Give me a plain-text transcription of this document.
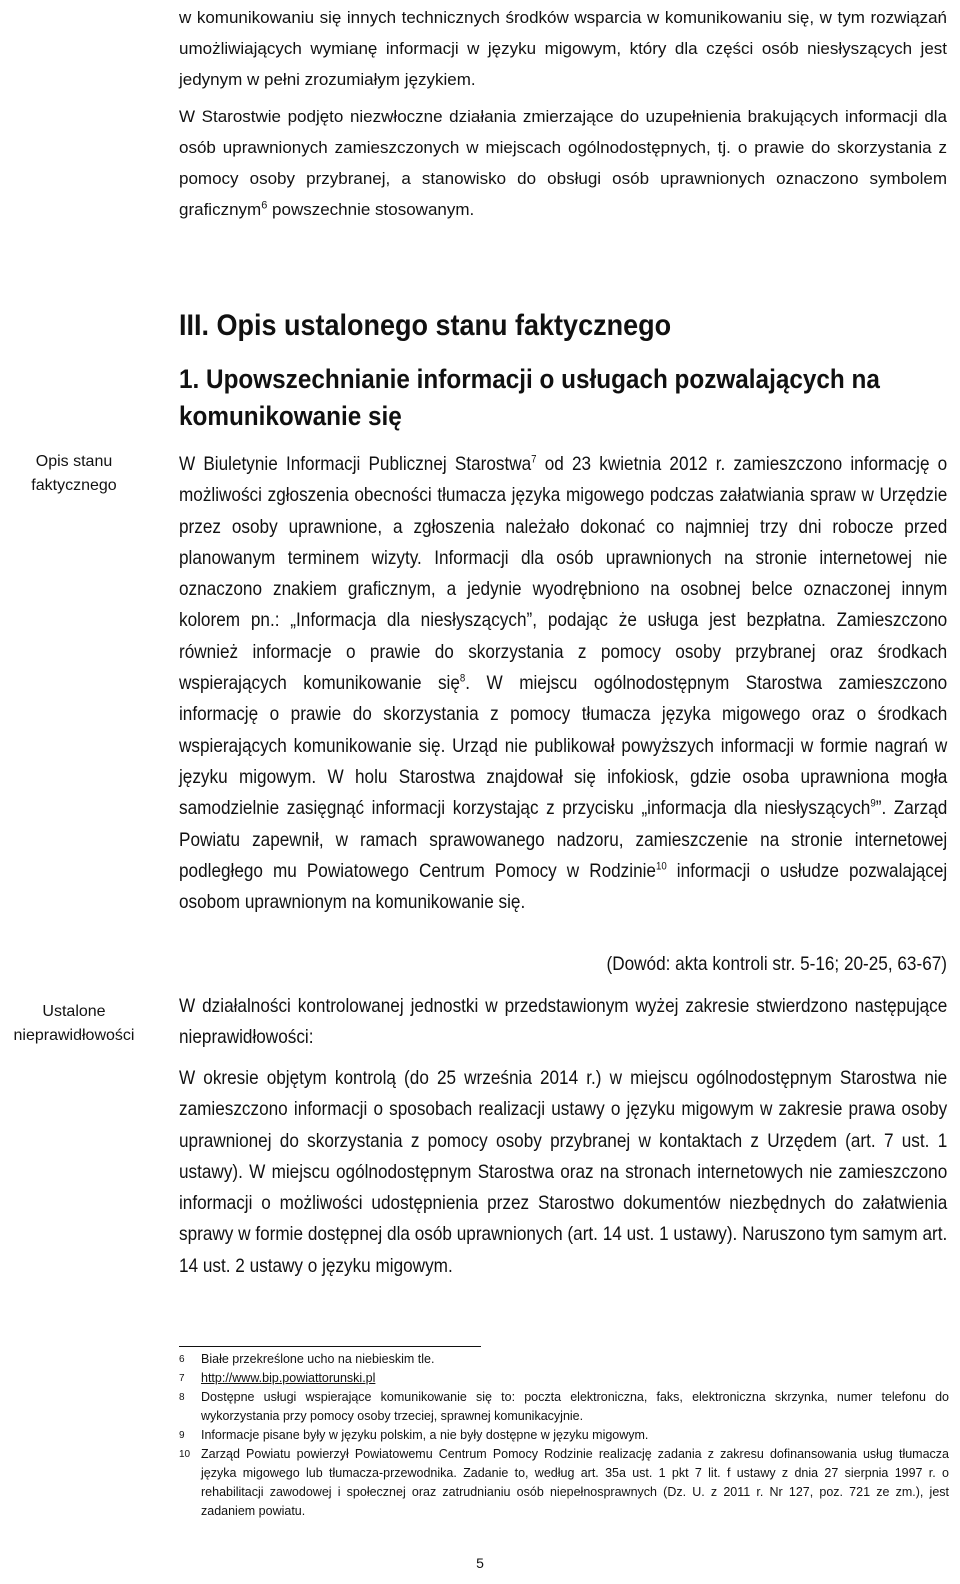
w komunikowaniu się innych technicznych środków wsparcia w komunikowaniu się, w tym rozwiązań umożliwiających wymianę informacji w języku migowym, który dla części osób niesłyszących jest jedynym w pełni zrozumiałym językiem.

W Starostwie podjęto niezwłoczne działania zmierzające do uzupełnienia brakujących informacji dla osób uprawnionych zamieszczonych w miejscach ogólnodostępnych, tj. o prawie do skorzystania z pomocy osoby przybranej, a stanowisko do obsługi osób uprawnionych oznaczono symbolem graficznym$^6$ powszechnie stosowanym.

III. Opis ustalonego stanu faktycznego
1. Upowszechnianie informacji o usługach pozwalających na komunikowanie się
Opis stanu faktycznego
Ustalone nieprawidłowości

W Biuletynie Informacji Publicznej Starostwa$^7$ od 23 kwietnia 2012 r. zamieszczono informację o możliwości zgłoszenia obecności tłumacza języka migowego podczas załatwiania spraw w Urzędzie przez osoby uprawnione, a zgłoszenia należało dokonać co najmniej trzy dni robocze przed planowanym terminem wizyty. Informacji dla osób uprawnionych na stronie internetowej nie oznaczono znakiem graficznym, a jedynie wyodrębniono na osobnej belce oznaczonej innym kolorem pn.: „Informacja dla niesłyszących”, podając że usługa jest bezpłatna. Zamieszczono również informacje o prawie do skorzystania z pomocy osoby przybranej oraz środkach wspierających komunikowanie się$^8$. W miejscu ogólnodostępnym Starostwa zamieszczono informację o prawie do skorzystania z pomocy tłumacza języka migowego oraz o środkach wspierających komunikowanie się. Urząd nie publikował powyższych informacji w formie nagrań w języku migowym. W holu Starostwa znajdował się infokiosk, gdzie osoba uprawniona mogła samodzielnie zasięgnąć informacji korzystając z przycisku „informacja dla niesłyszących$^9$”. Zarząd Powiatu zapewnił, w ramach sprawowanego nadzoru, zamieszczenie na stronie internetowej podległego mu Powiatowego Centrum Pomocy w Rodzinie$^{10}$ informacji o usłudze pozwalającej osobom uprawnionym na komunikowanie się.

(Dowód: akta kontroli str. 5-16; 20-25, 63-67)

W działalności kontrolowanej jednostki w przedstawionym wyżej zakresie stwierdzono następujące nieprawidłowości:

W okresie objętym kontrolą (do 25 września 2014 r.) w miejscu ogólnodostępnym Starostwa nie zamieszczono informacji o sposobach realizacji ustawy o języku migowym w zakresie prawa osoby uprawnionej do skorzystania z pomocy osoby przybranej w kontaktach z Urzędem (art. 7 ust. 1 ustawy). W miejscu ogólnodostępnym Starostwa oraz na stronach internetowych nie zamieszczono informacji o możliwości udostępnienia przez Starostwo dokumentów niezbędnych do załatwienia sprawy w formie dostępnej dla osób uprawnionych (art. 14 ust. 1 ustawy). Naruszono tym samym art. 14 ust. 2 ustawy o języku migowym.

6 Białe przekreślone ucho na niebieskim tle.

7 http://www.bip.powiattorunski.pl

8 Dostępne usługi wspierające komunikowanie się to: poczta elektroniczna, faks, elektroniczna skrzynka, numer telefonu do wykorzystania przy pomocy osoby trzeciej, sprawnej komunikacyjnie.

9 Informacje pisane były w języku polskim, a nie były dostępne w języku migowym.

10 Zarząd Powiatu powierzył Powiatowemu Centrum Pomocy Rodzinie realizację zadania z zakresu dofinansowania usług tłumacza języka migowego lub tłumacza-przewodnika. Zadanie to, według art. 35a ust. 1 pkt 7 lit. f ustawy z dnia 27 sierpnia 1997 r. o rehabilitacji zawodowej i społecznej oraz zatrudnianiu osób niepełnosprawnych (Dz. U. z 2011 r. Nr 127, poz. 721 ze zm.), jest zadaniem powiatu.

5
